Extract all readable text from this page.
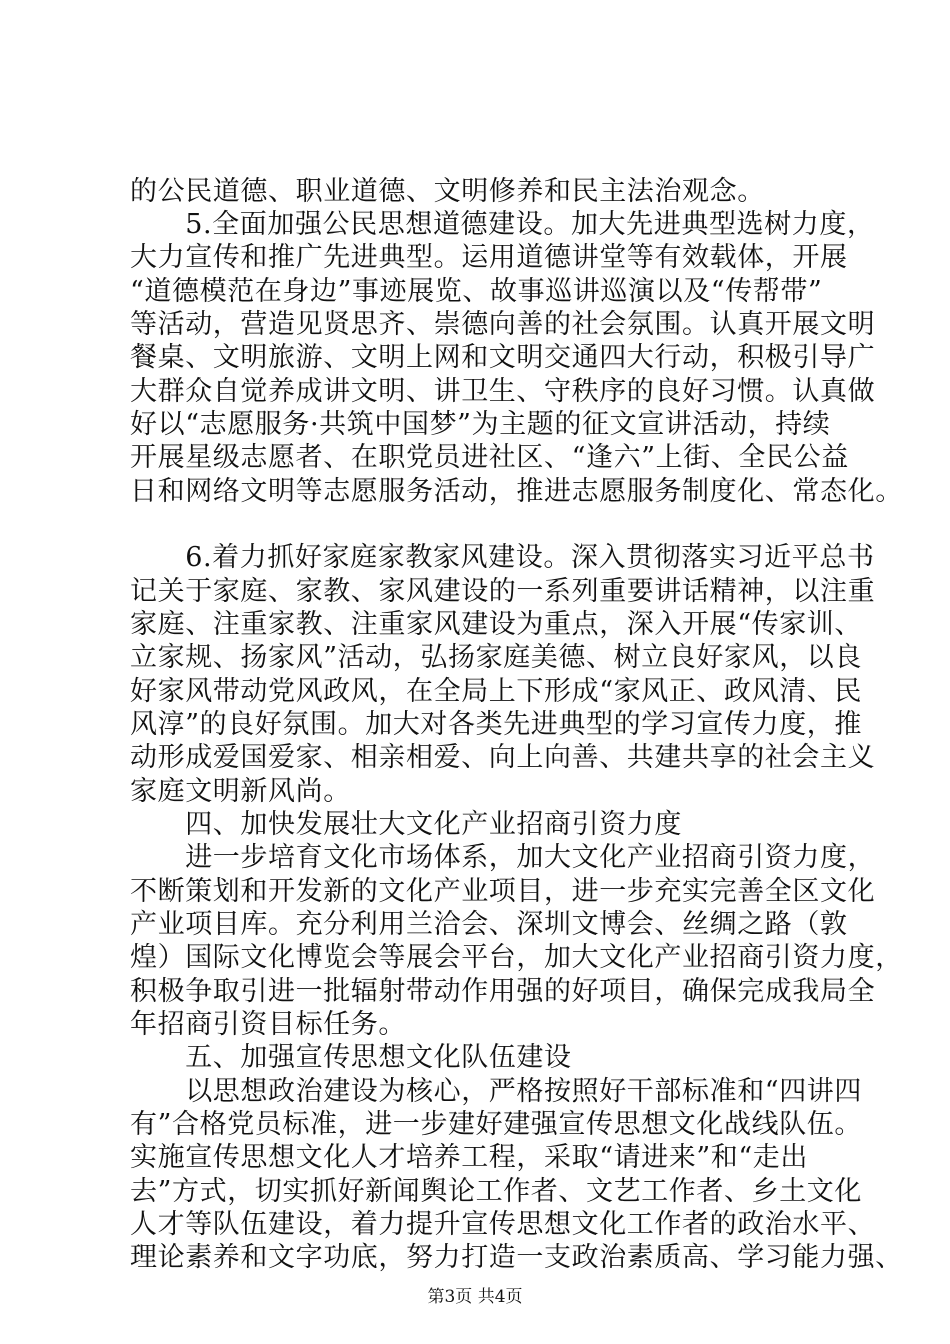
的公民道德、职业道德、文明修养和民主法治观念。
　　5.全面加强公民思想道德建设。加大先进典型选树力度，
大力宣传和推广先进典型。运用道德讲堂等有效载体，开展
“道德模范在身边”事迹展览、故事巡讲巡演以及“传帮带”
等活动，营造见贤思齐、崇德向善的社会氛围。认真开展文明
餐桌、文明旅游、文明上网和文明交通四大行动，积极引导广
大群众自觉养成讲文明、讲卫生、守秩序的良好习惯。认真做
好以“志愿服务·共筑中国梦”为主题的征文宣讲活动，持续
开展星级志愿者、在职党员进社区、“逢六”上街、全民公益
日和网络文明等志愿服务活动，推进志愿服务制度化、常态化。
　　6.着力抓好家庭家教家风建设。深入贯彻落实习近平总书
记关于家庭、家教、家风建设的一系列重要讲话精神，以注重
家庭、注重家教、注重家风建设为重点，深入开展“传家训、
立家规、扬家风”活动，弘扬家庭美德、树立良好家风，以良
好家风带动党风政风，在全局上下形成“家风正、政风清、民
风淳”的良好氛围。加大对各类先进典型的学习宣传力度，推
动形成爱国爱家、相亲相爱、向上向善、共建共享的社会主义
家庭文明新风尚。
　　四、加快发展壮大文化产业招商引资力度
　　进一步培育文化市场体系，加大文化产业招商引资力度，
不断策划和开发新的文化产业项目，进一步充实完善全区文化
产业项目库。充分利用兰洽会、深圳文博会、丝绸之路（敦
煌）国际文化博览会等展会平台，加大文化产业招商引资力度，
积极争取引进一批辐射带动作用强的好项目，确保完成我局全
年招商引资目标任务。
　　五、加强宣传思想文化队伍建设
　　以思想政治建设为核心，严格按照好干部标准和“四讲四
有”合格党员标准，进一步建好建强宣传思想文化战线队伍。
实施宣传思想文化人才培养工程，采取“请进来”和“走出
去”方式，切实抓好新闻舆论工作者、文艺工作者、乡土文化
人才等队伍建设，着力提升宣传思想文化工作者的政治水平、
理论素养和文字功底，努力打造一支政治素质高、学习能力强、
第3页 共4页
